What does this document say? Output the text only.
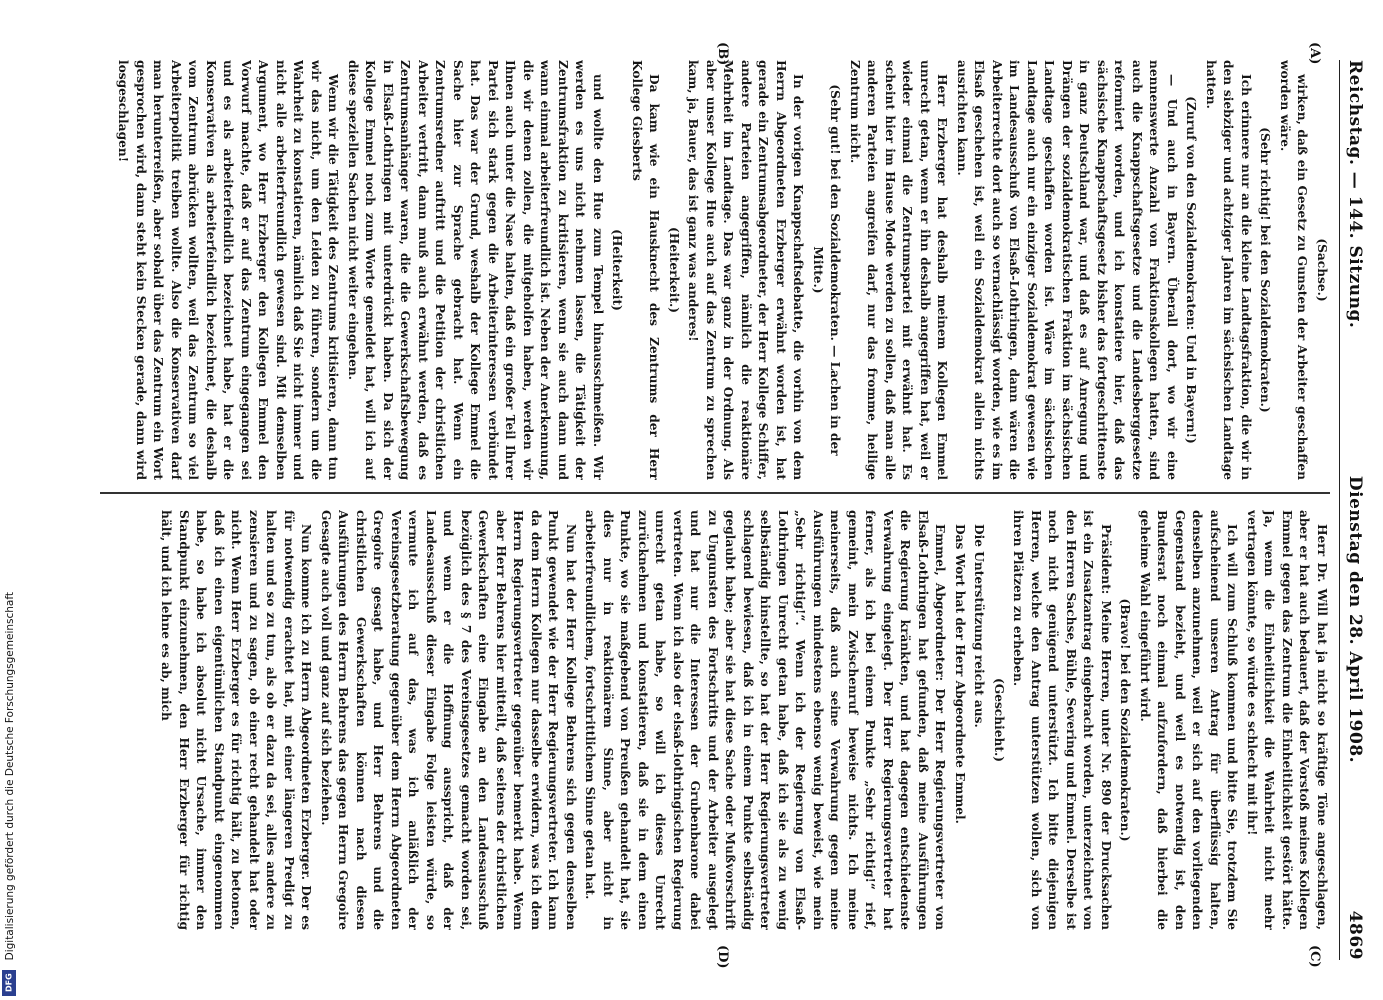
Reichstag. — 144. Sitzung.
Dienstag den 28. April 1908.
4869

(Sachse.)

wirken, daß ein Gesetz zu Gunsten der Arbeiter geschaffen worden wäre.

(Sehr richtig! bei den Sozialdemokraten.)

Ich erinnere nur an die kleine Landtagsfraktion, die wir in den siebziger und achtziger Jahren im sächsischen Landtage hatten.

(Zuruf von den Sozialdemokraten: Und in Bayern!)

— Und auch in Bayern. Überall dort, wo wir eine nennenswerte Anzahl von Fraktionskollegen hatten, sind auch die Knappschaftsgesetze und die Landesberggesetze reformiert worden, und ich konstatiere hier, daß das sächsische Knappschaftsgesetz bisher das fortgeschrittenste in ganz Deutschland war, und daß es auf Anregung und Drängen der sozialdemokratischen Fraktion im sächsischen Landtage geschaffen worden ist. Wäre im sächsischen Landtage auch nur ein einziger Sozialdemokrat gewesen wie im Landesausschuß von Elsaß-Lothringen, dann wären die Arbeiterrechte dort auch so vernachlässigt worden, wie es im Elsaß geschehen ist, weil ein Sozialdemokrat allein nichts ausrichten kann.

Herr Erzberger hat deshalb meinem Kollegen Emmel unrecht getan, wenn er ihn deshalb angegriffen hat, weil er wieder einmal die Zentrumspartei mit erwähnt hat. Es scheint hier im Hause Mode werden zu sollen, daß man alle anderen Parteien angreifen darf, nur das fromme, heilige Zentrum nicht.

(Sehr gut! bei den Sozialdemokraten. — Lachen in der Mitte.)

In der vorigen Knappschaftsdebatte, die vorhin von dem Herrn Abgeordneten Erzberger erwähnt worden ist, hat gerade ein Zentrumsabgeordneter, der Herr Kollege Schiffer, andere Parteien angegriffen, nämlich die reaktionäre Mehrheit im Landtage. Das war ganz in der Ordnung. Als aber unser Kollege Hue auch auf das Zentrum zu sprechen kam, ja, Bauer, das ist ganz was anderes!

(Heiterkeit.)

Da kam wie ein Hausknecht des Zentrums der Herr Kollege Giesberts

(Heiterkeit)

und wollte den Hue zum Tempel hinausschmeißen. Wir werden es uns nicht nehmen lassen, die Tätigkeit der Zentrumsfraktion zu kritisieren, wenn sie auch dann und wann einmal arbeiterfreundlich ist. Neben der Anerkennung, die wir denen zollen, die mitgeholfen haben, werden wir Ihnen auch unter die Nase halten, daß ein großer Teil Ihrer Partei sich stark gegen die Arbeiterinteressen verbündet hat. Das war der Grund, weshalb der Kollege Emmel die Sache hier zur Sprache gebracht hat. Wenn ein Zentrumsredner auftritt und die Petition der christlichen Arbeiter vertritt, dann muß auch erwähnt werden, daß es Zentrumsanhänger waren, die die Gewerkschaftsbewegung in Elsaß-Lothringen mit unterdrückt haben. Da sich der Kollege Emmel noch zum Worte gemeldet hat, will ich auf diese speziellen Sachen nicht weiter eingehen.

Wenn wir die Tätigkeit des Zentrums kritisieren, dann tun wir das nicht, um den Leiden zu führen, sondern um die Wahrheit zu konstatieren, nämlich daß Sie nicht immer und nicht alle arbeiterfreundlich gewesen sind. Mit demselben Argument, wo Herr Erzberger den Kollegen Emmel den Vorwurf machte, daß er auf das Zentrum eingegangen sei und es als arbeiterfeindlich bezeichnet habe, hat er die Konservativen als arbeiterfeindlich bezeichnet, die deshalb vom Zentrum abrücken wollten, weil das Zentrum so viel Arbeiterpolitik treiben wollte. Also die Konservativen darf man herunterreißen, aber sobald über das Zentrum ein Wort gesprochen wird, dann steht kein Stecken gerade, dann wird losgeschlagen!

Herr Dr. Will hat ja nicht so kräftige Töne angeschlagen, aber er hat auch bedauert, daß der Vorstoß meines Kollegen Emmel gegen das Zentrum die Einheitlichkeit gestört hätte. Ja, wenn die Einheitlichkeit die Wahrheit nicht mehr vertragen könnte, so würde es schlecht mit ihr!

Ich will zum Schluß kommen und bitte Sie, trotzdem Sie aufscheinend unseren Antrag für überflüssig halten, denselben anzunehmen, weil er sich auf den vorliegenden Gegenstand bezieht, und weil es notwendig ist, den Bundesrat noch einmal aufzufordern, daß hierbei die geheime Wahl eingeführt wird.

(Bravo! bei den Sozialdemokraten.)

Präsident: Meine Herren, unter Nr. 890 der Drucksachen ist ein Zusatzantrag eingebracht worden, unterzeichnet von den Herren Sachse, Bühle, Severing und Emmel. Derselbe ist noch nicht genügend unterstützt. Ich bitte diejenigen Herren, welche den Antrag unterstützen wollen, sich von ihren Plätzen zu erheben.

(Geschieht.)

Die Unterstützung reicht aus.

Das Wort hat der Herr Abgeordnete Emmel.

Emmel, Abgeordneter: Der Herr Regierungsvertreter von Elsaß-Lothringen hat gefunden, daß meine Ausführungen die Regierung kränkten, und hat dagegen entschiedenste Verwahrung eingelegt. Der Herr Regierungsvertreter hat ferner, als ich bei einem Punkte „Sehr richtig!“ rief, gemeint, mein Zwischenruf beweise nichts. Ich meine meinerseits, daß auch seine Verwahrung gegen meine Ausführungen mindestens ebenso wenig beweist, wie mein „Sehr richtig!“. Wenn ich der Regierung von Elsaß-Lothringen Unrecht getan habe, daß ich sie als zu wenig selbständig hinstellte, so hat der Herr Regierungsvertreter schlagend bewiesen, daß ich in einem Punkte selbständig geglaubt habe; aber sie hat diese Sache oder Mußvorschrift zu Ungunsten des Fortschritts und der Arbeiter ausgelegt und hat nur die Interessen der Grubenbarone dabei vertreten. Wenn ich also der elsaß-lothringischen Regierung unrecht getan habe, so will ich dieses Unrecht zurücknehmen und konstatieren, daß sie in dem einen Punkte, wo sie maßgebend von Preußen gehandelt hat, sie dies nur in reaktionärem Sinne, aber nicht in arbeiterfreundlichem, fortschrittlichem Sinne getan hat.

Nun hat der Herr Kollege Behrens sich gegen denselben Punkt gewendet wie der Herr Regierungsvertreter. Ich kann da dem Herrn Kollegen nur dasselbe erwidern, was ich dem Herrn Regierungsvertreter gegenüber bemerkt habe. Wenn aber Herr Behrens hier mitteilt, daß seitens der christlichen Gewerkschaften eine Eingabe an den Landesausschuß bezüglich des § 7 des Vereinsgesetzes gemacht worden sei, und wenn er die Hoffnung ausspricht, daß der Landesausschuß dieser Eingabe Folge leisten würde, so vermute ich auf das, was ich anläßlich der Vereinsgesetzberatung gegenüber dem Herrn Abgeordneten Gregoire gesagt habe, und Herr Behrens und die christlichen Gewerkschaften können nach diesen Ausführungen des Herrn Behrens das gegen Herrn Gregoire Gesagte auch voll und ganz auf sich beziehen.

Nun komme ich zu Herrn Abgeordneten Erzberger. Der es für notwendig erachtet hat, mit einer längeren Predigt zu halten und so zu tun, als ob er dazu da sei, alles andere zu zensieren und zu sagen, ob einer recht gehandelt hat oder nicht. Wenn Herr Erzberger es für richtig hält, zu betonen, daß ich einen eigentümlichen Standpunkt eingenommen habe, so habe ich absolut nicht Ursache, immer den Standpunkt einzunehmen, den Herr Erzberger für richtig hält, und ich lehne es ab, mich

(A)
(B)
(C)
(D)
Digitalisierung gefördert durch die Deutsche Forschungsgemeinschaft
DFG
